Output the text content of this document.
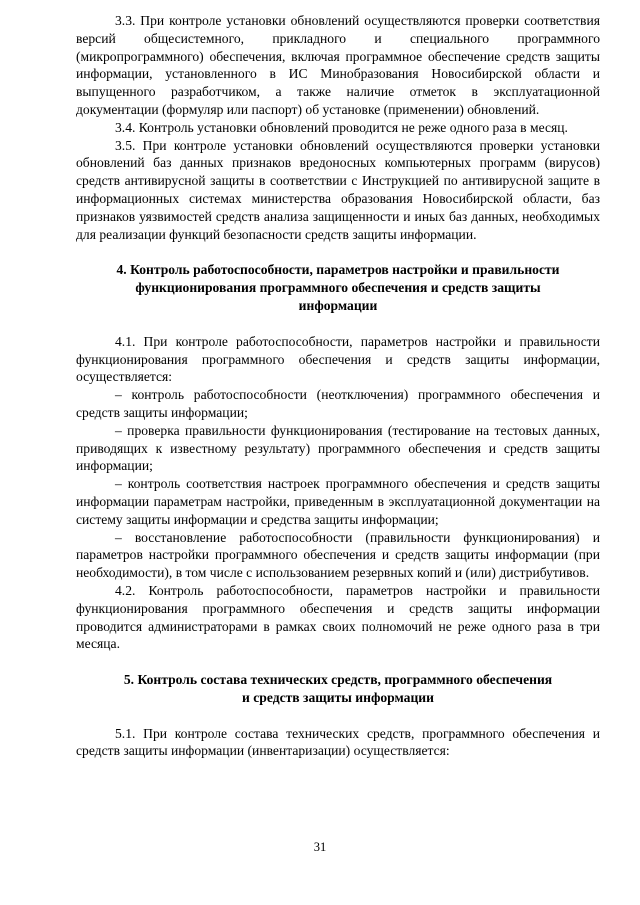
3.3. При контроле установки обновлений осуществляются проверки соответствия версий общесистемного, прикладного и специального программного (микропрограммного) обеспечения, включая программное обеспечение средств защиты информации, установленного в ИС Минобразования Новосибирской области и выпущенного разработчиком, а также наличие отметок в эксплуатационной документации (формуляр или паспорт) об установке (применении) обновлений.

3.4. Контроль установки обновлений проводится не реже одного раза в месяц.

3.5. При контроле установки обновлений осуществляются проверки установки обновлений баз данных признаков вредоносных компьютерных программ (вирусов) средств антивирусной защиты в соответствии с Инструкцией по антивирусной защите в информационных системах министерства образования Новосибирской области, баз признаков уязвимостей средств анализа защищенности и иных баз данных, необходимых для реализации функций безопасности средств защиты информации.

4. Контроль работоспособности, параметров настройки и правильности
функционирования программного обеспечения и средств защиты
информации

4.1. При контроле работоспособности, параметров настройки и правильности функционирования программного обеспечения и средств защиты информации, осуществляется:

– контроль работоспособности (неотключения) программного обеспечения и средств защиты информации;

– проверка правильности функционирования (тестирование на тестовых данных, приводящих к известному результату) программного обеспечения и средств защиты информации;

– контроль соответствия настроек программного обеспечения и средств защиты информации параметрам настройки, приведенным в эксплуатационной документации на систему защиты информации и средства защиты информации;

– восстановление работоспособности (правильности функционирования) и параметров настройки программного обеспечения и средств защиты информации (при необходимости), в том числе с использованием резервных копий и (или) дистрибутивов.

4.2. Контроль работоспособности, параметров настройки и правильности функционирования программного обеспечения и средств защиты информации проводится администраторами в рамках своих полномочий не реже одного раза в три месяца.

5. Контроль состава технических средств, программного обеспечения
и средств защиты информации

5.1. При контроле состава технических средств, программного обеспечения и средств защиты информации (инвентаризации) осуществляется:

31
